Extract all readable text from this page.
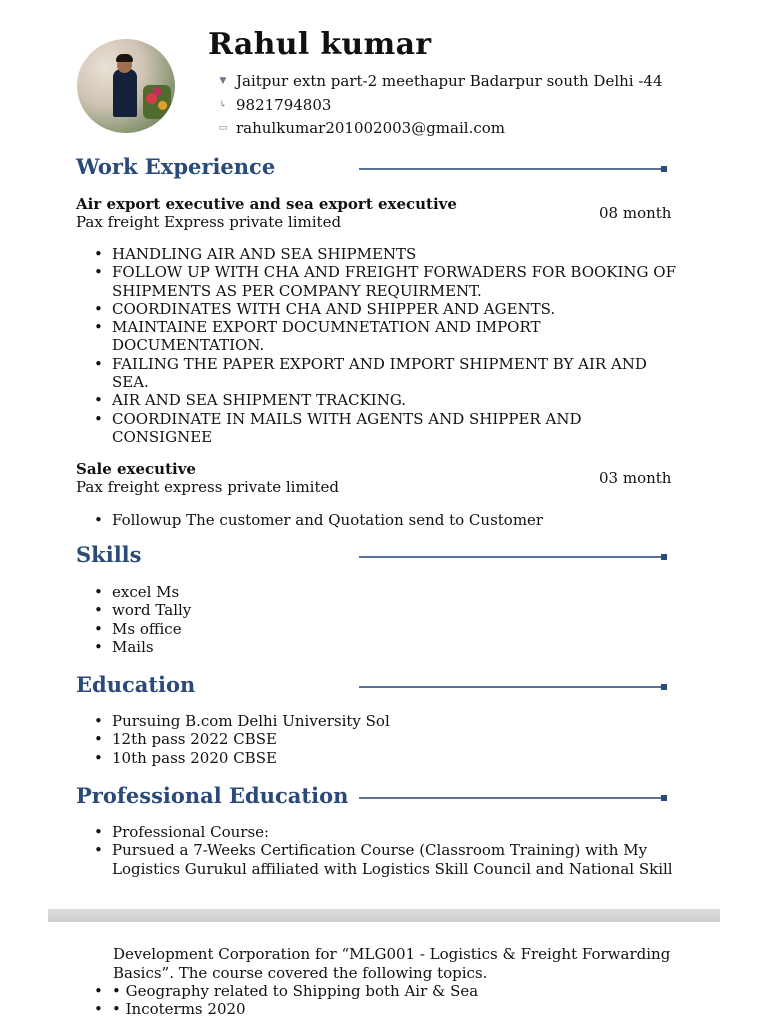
Rahul kumar
▼ Jaitpur extn part-2 meethapur Badarpur south Delhi -44
↳ 9821794803
▭ rahulkumar201002003@gmail.com
Work Experience
Air export executive and sea export executive
Pax freight Express private limited	08 month
• HANDLING AIR AND SEA SHIPMENTS
• FOLLOW UP WITH CHA AND FREIGHT FORWADERS FOR BOOKING OF SHIPMENTS AS PER COMPANY REQUIRMENT.
• COORDINATES WITH CHA AND SHIPPER AND AGENTS.
• MAINTAINE EXPORT DOCUMNETATION AND IMPORT DOCUMENTATION.
• FAILING THE PAPER EXPORT AND IMPORT SHIPMENT BY AIR AND SEA.
• AIR AND SEA SHIPMENT TRACKING.
• COORDINATE IN MAILS WITH AGENTS AND SHIPPER AND CONSIGNEE
Sale executive
Pax freight express private limited	03 month
• Followup The customer and Quotation send to Customer
Skills
• excel Ms
• word Tally
• Ms office
• Mails
Education
• Pursuing B.com Delhi University Sol
• 12th pass 2022 CBSE
• 10th pass 2020 CBSE
Professional Education
• Professional Course:
• Pursued a 7-Weeks Certification Course (Classroom Training) with My Logistics Gurukul affiliated with Logistics Skill Council and National Skill
Development Corporation for “MLG001 - Logistics & Freight Forwarding Basics”. The course covered the following topics.
• • Geography related to Shipping both Air & Sea
• • Incoterms 2020
